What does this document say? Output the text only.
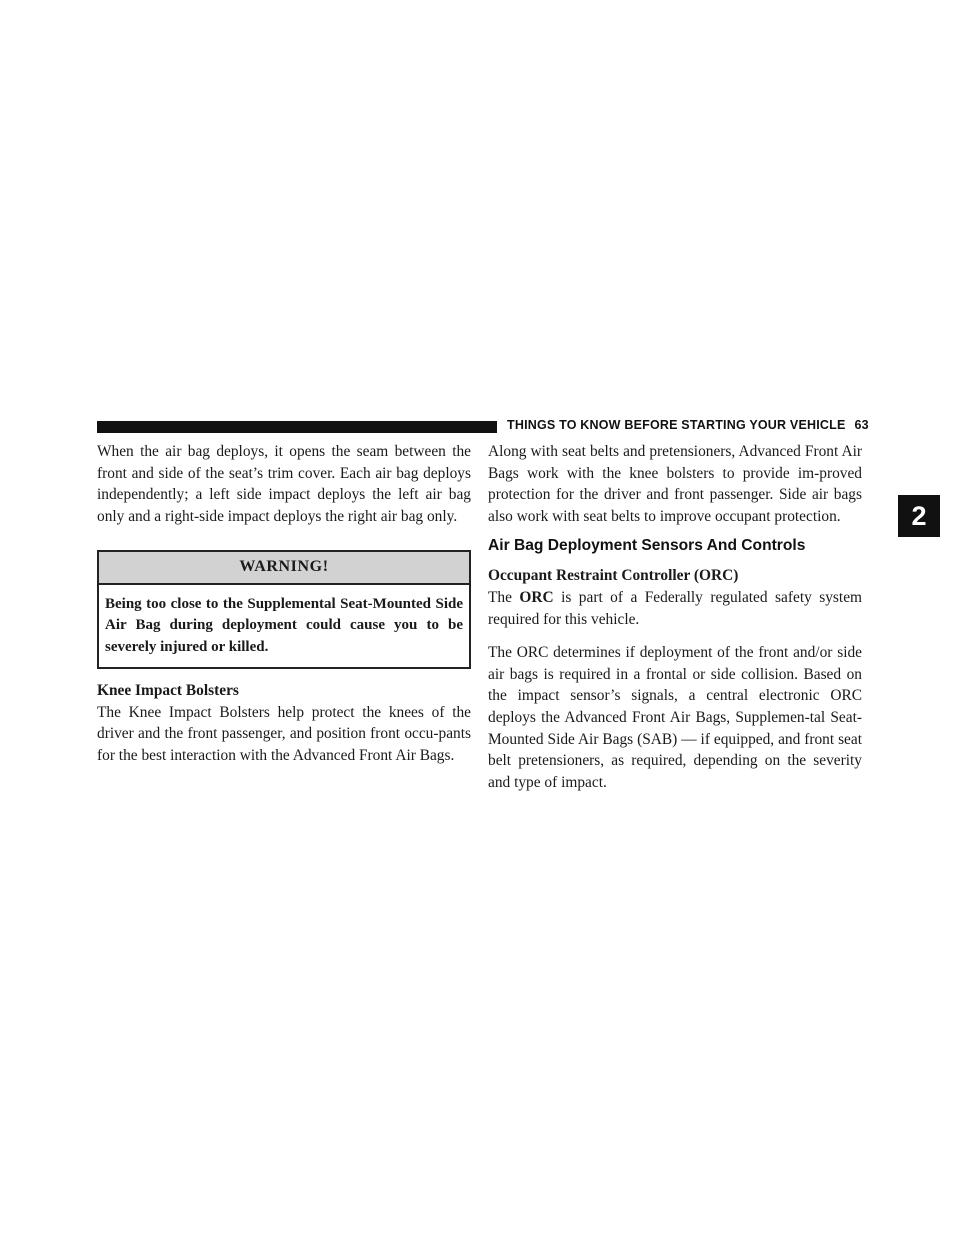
THINGS TO KNOW BEFORE STARTING YOUR VEHICLE 63
2

When the air bag deploys, it opens the seam between the front and side of the seat’s trim cover. Each air bag deploys independently; a left side impact deploys the left air bag only and a right-side impact deploys the right air bag only.

WARNING!
Being too close to the Supplemental Seat-Mounted Side Air Bag during deployment could cause you to be severely injured or killed.
Knee Impact Bolsters

The Knee Impact Bolsters help protect the knees of the driver and the front passenger, and position front occu-pants for the best interaction with the Advanced Front Air Bags.

Along with seat belts and pretensioners, Advanced Front Air Bags work with the knee bolsters to provide im-proved protection for the driver and front passenger. Side air bags also work with seat belts to improve occupant protection.

Air Bag Deployment Sensors And Controls
Occupant Restraint Controller (ORC)

The ORC is part of a Federally regulated safety system required for this vehicle.

The ORC determines if deployment of the front and/or side air bags is required in a frontal or side collision. Based on the impact sensor’s signals, a central electronic ORC deploys the Advanced Front Air Bags, Supplemen-tal Seat-Mounted Side Air Bags (SAB) — if equipped, and front seat belt pretensioners, as required, depending on the severity and type of impact.
